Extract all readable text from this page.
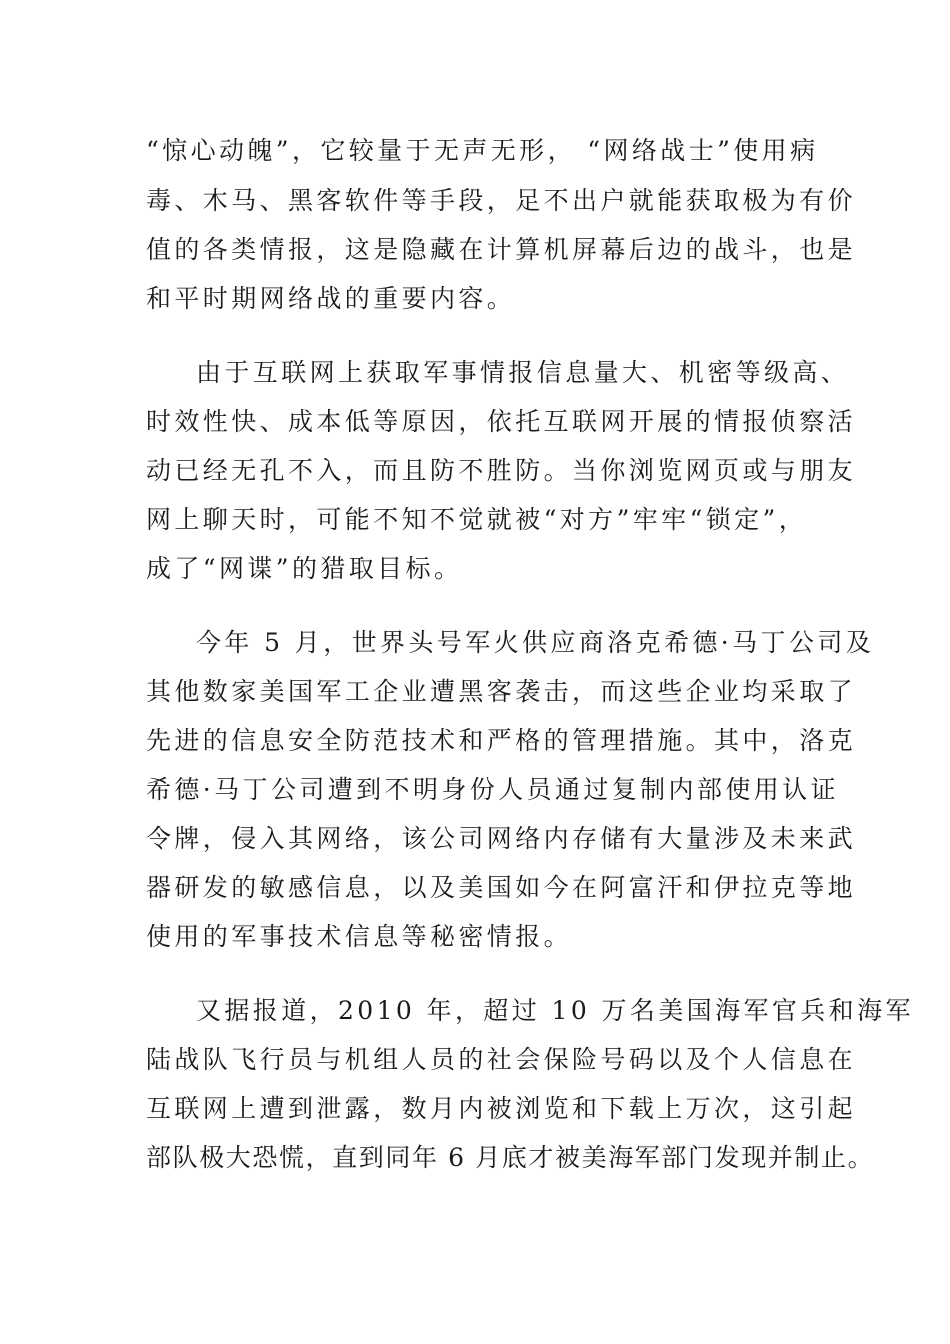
“惊心动魄”，它较量于无声无形， “网络战士”使用病
毒、木马、黑客软件等手段，足不出户就能获取极为有价
值的各类情报，这是隐藏在计算机屏幕后边的战斗，也是
和平时期网络战的重要内容。
由于互联网上获取军事情报信息量大、机密等级高、
时效性快、成本低等原因，依托互联网开展的情报侦察活
动已经无孔不入，而且防不胜防。当你浏览网页或与朋友
网上聊天时，可能不知不觉就被“对方”牢牢“锁定”，
成了“网谍”的猎取目标。
今年 5 月，世界头号军火供应商洛克希德·马丁公司及
其他数家美国军工企业遭黑客袭击，而这些企业均采取了
先进的信息安全防范技术和严格的管理措施。其中，洛克
希德·马丁公司遭到不明身份人员通过复制内部使用认证
令牌，侵入其网络，该公司网络内存储有大量涉及未来武
器研发的敏感信息，以及美国如今在阿富汗和伊拉克等地
使用的军事技术信息等秘密情报。
又据报道，2010 年，超过 10 万名美国海军官兵和海军
陆战队飞行员与机组人员的社会保险号码以及个人信息在
互联网上遭到泄露，数月内被浏览和下载上万次，这引起
部队极大恐慌，直到同年 6 月底才被美海军部门发现并制止。
